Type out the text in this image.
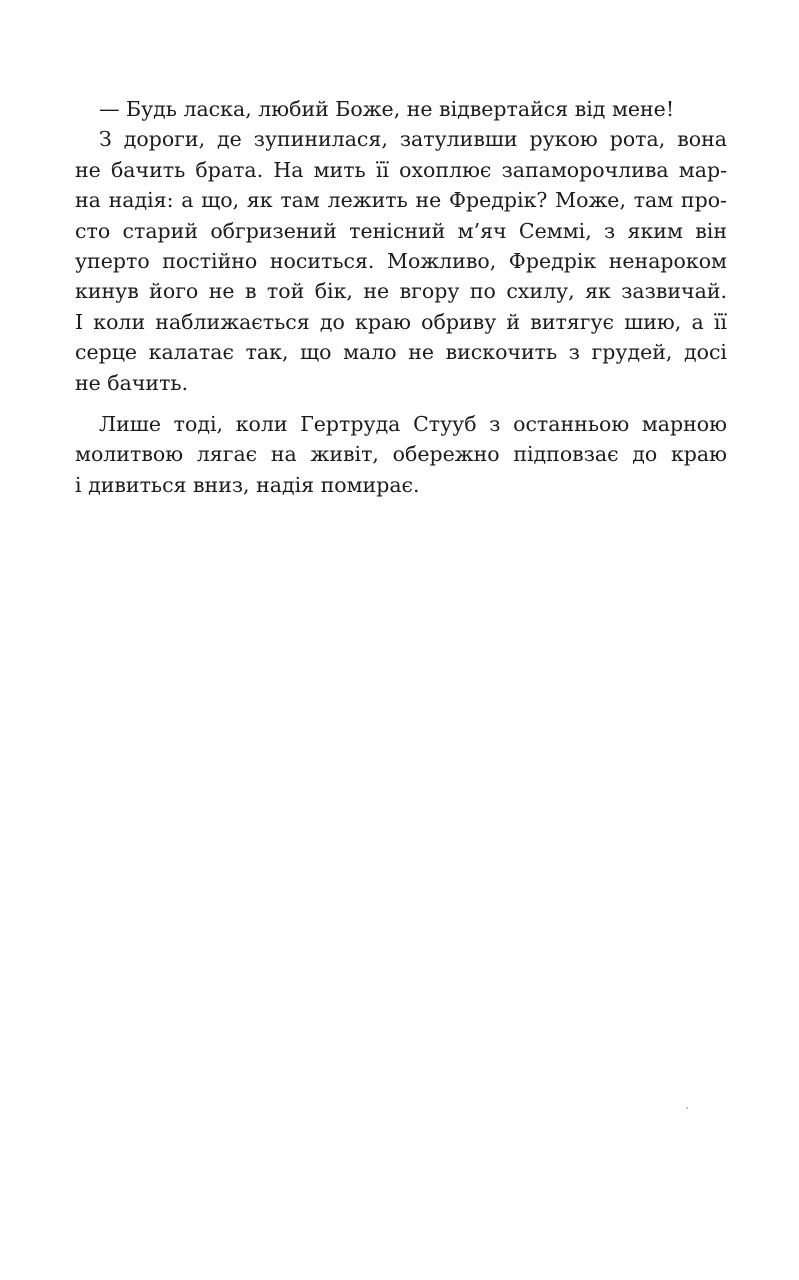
— Будь ласка, любий Боже, не відвертайся від мене!
З дороги, де зупинилася, затуливши рукою рота, вона
не бачить брата. На мить її охоплює запаморочлива мар-
на надія: а що, як там лежить не Фредрік? Може, там про-
сто старий обгризений тенісний м’яч Семмі, з яким він
уперто постійно носиться. Можливо, Фредрік ненароком
кинув його не в той бік, не вгору по схилу, як зазвичай.
І коли наближається до краю обриву й витягує шию, а її
серце калатає так, що мало не вискочить з грудей, досі
не бачить.
Лише тоді, коли Гертруда Стууб з останньою марною
молитвою лягає на живіт, обережно підповзає до краю
і дивиться вниз, надія помирає.
